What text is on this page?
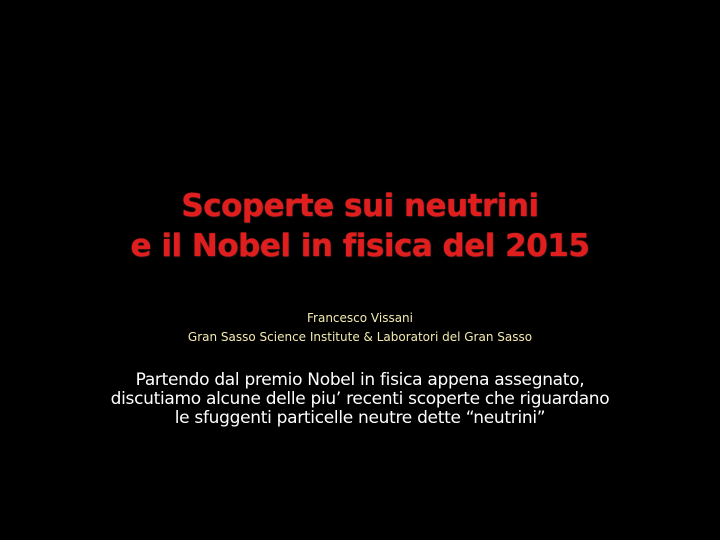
Scoperte sui neutrini
e il Nobel in fisica del 2015
Francesco Vissani
Gran Sasso Science Institute & Laboratori del Gran Sasso
Partendo dal premio Nobel in fisica appena assegnato,
discutiamo alcune delle piu’ recenti scoperte che riguardano
le sfuggenti particelle neutre dette “neutrini”
